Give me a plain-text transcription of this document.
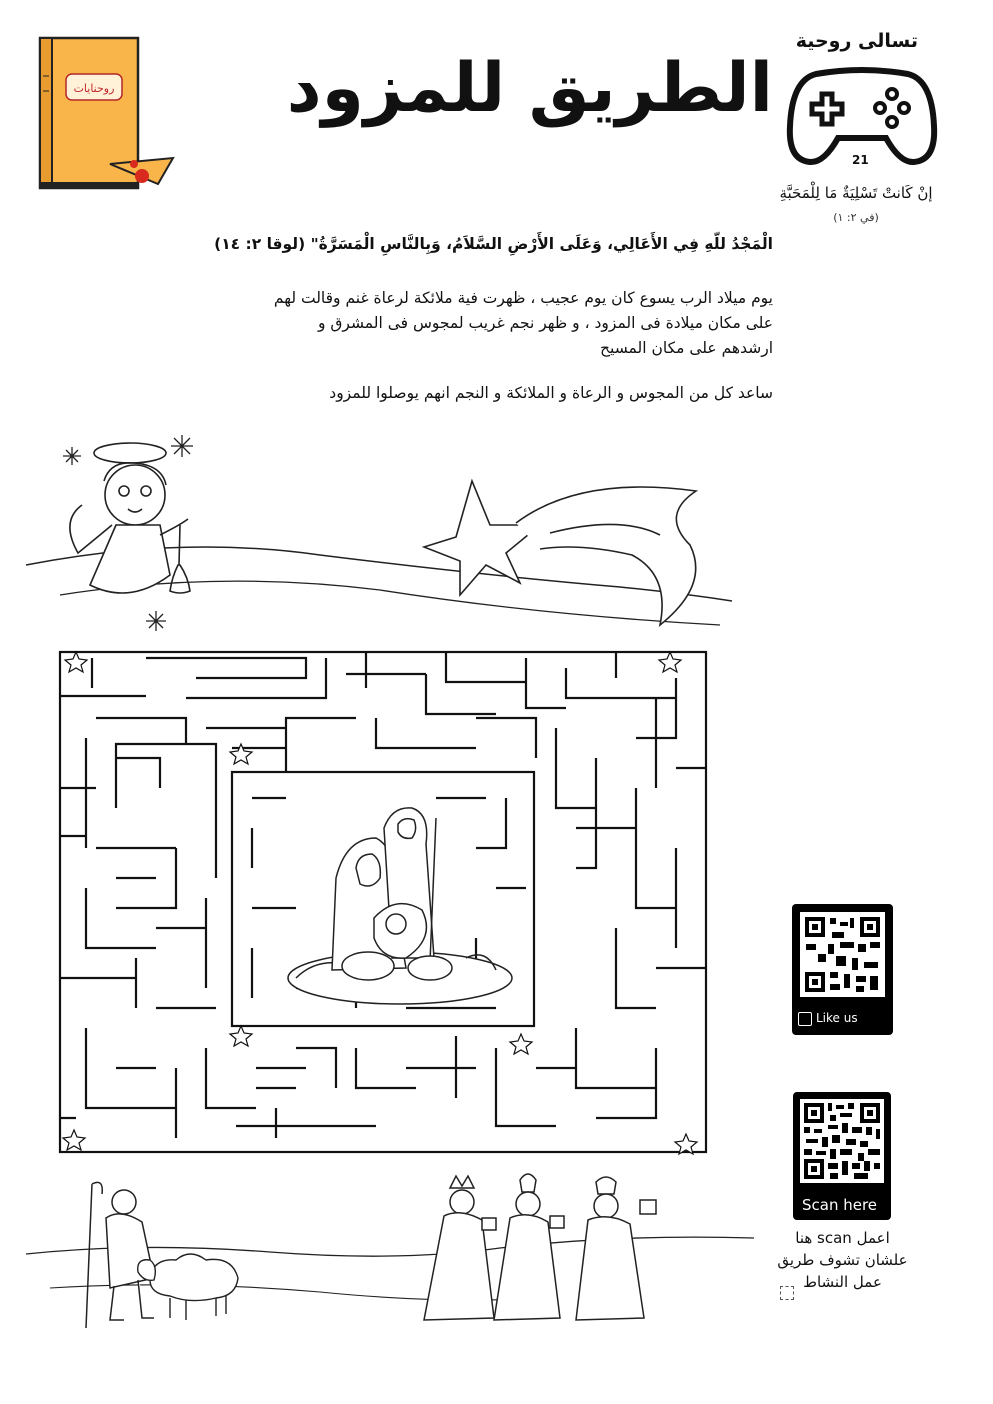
روحنايات
تسالى روحية
الطريق للمزود
21
إنْ كَانتْ تَسْلِيَةٌ مَا لِلْمَحَبَّةِ
(في ٢: ١)
الْمَجْدُ للّهِ فِي الأَعَالِي، وَعَلَى الأَرْضِ السَّلاَمُ، وَبِالنَّاسِ الْمَسَرَّةُ" (لوقا ٢: ١٤)
يوم ميلاد الرب يسوع كان يوم عجيب ، ظهرت فية ملائكة لرعاة غنم وقالت لهم
على مكان ميلادة فى المزود ، و ظهر نجم غريب لمجوس فى المشرق و
ارشدهم على مكان المسيح
ساعد كل من المجوس و الرعاة و الملائكة و النجم انهم يوصلوا للمزود
Like us
Scan here
اعمل scan هنا
علشان تشوف طريق
عمل النشاط
